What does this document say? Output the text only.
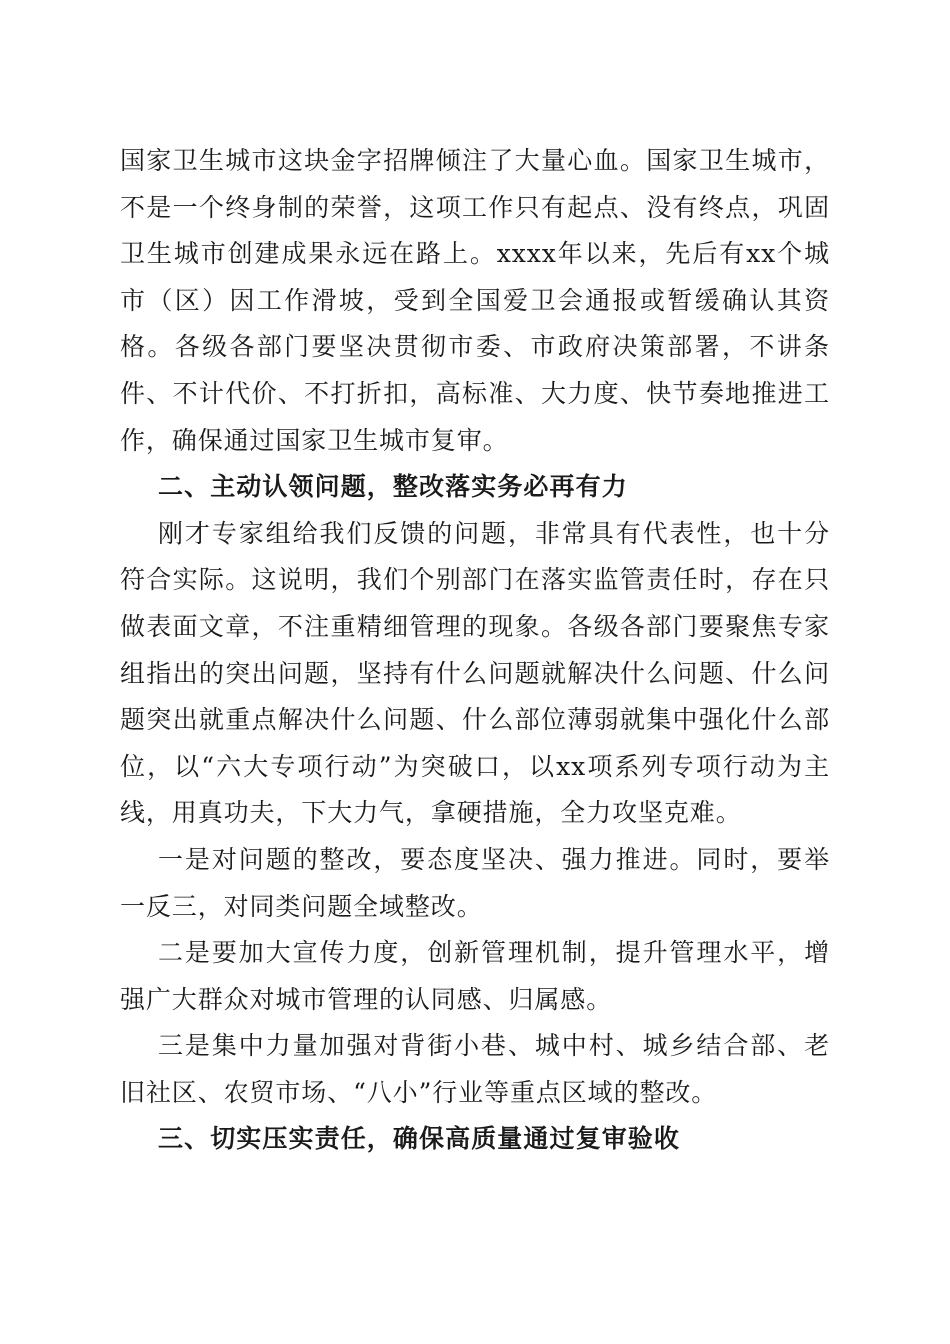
国家卫生城市这块金字招牌倾注了大量心血。国家卫生城市，不是一个终身制的荣誉，这项工作只有起点、没有终点，巩固卫生城市创建成果永远在路上。xxxx年以来，先后有xx个城市（区）因工作滑坡，受到全国爱卫会通报或暂缓确认其资格。各级各部门要坚决贯彻市委、市政府决策部署，不讲条件、不计代价、不打折扣，高标准、大力度、快节奏地推进工作，确保通过国家卫生城市复审。

二、主动认领问题，整改落实务必再有力

刚才专家组给我们反馈的问题，非常具有代表性，也十分符合实际。这说明，我们个别部门在落实监管责任时，存在只做表面文章，不注重精细管理的现象。各级各部门要聚焦专家组指出的突出问题，坚持有什么问题就解决什么问题、什么问题突出就重点解决什么问题、什么部位薄弱就集中强化什么部位，以“六大专项行动”为突破口，以xx项系列专项行动为主线，用真功夫，下大力气，拿硬措施，全力攻坚克难。

一是对问题的整改，要态度坚决、强力推进。同时，要举一反三，对同类问题全域整改。

二是要加大宣传力度，创新管理机制，提升管理水平，增强广大群众对城市管理的认同感、归属感。

三是集中力量加强对背街小巷、城中村、城乡结合部、老旧社区、农贸市场、“八小”行业等重点区域的整改。

三、切实压实责任，确保高质量通过复审验收
